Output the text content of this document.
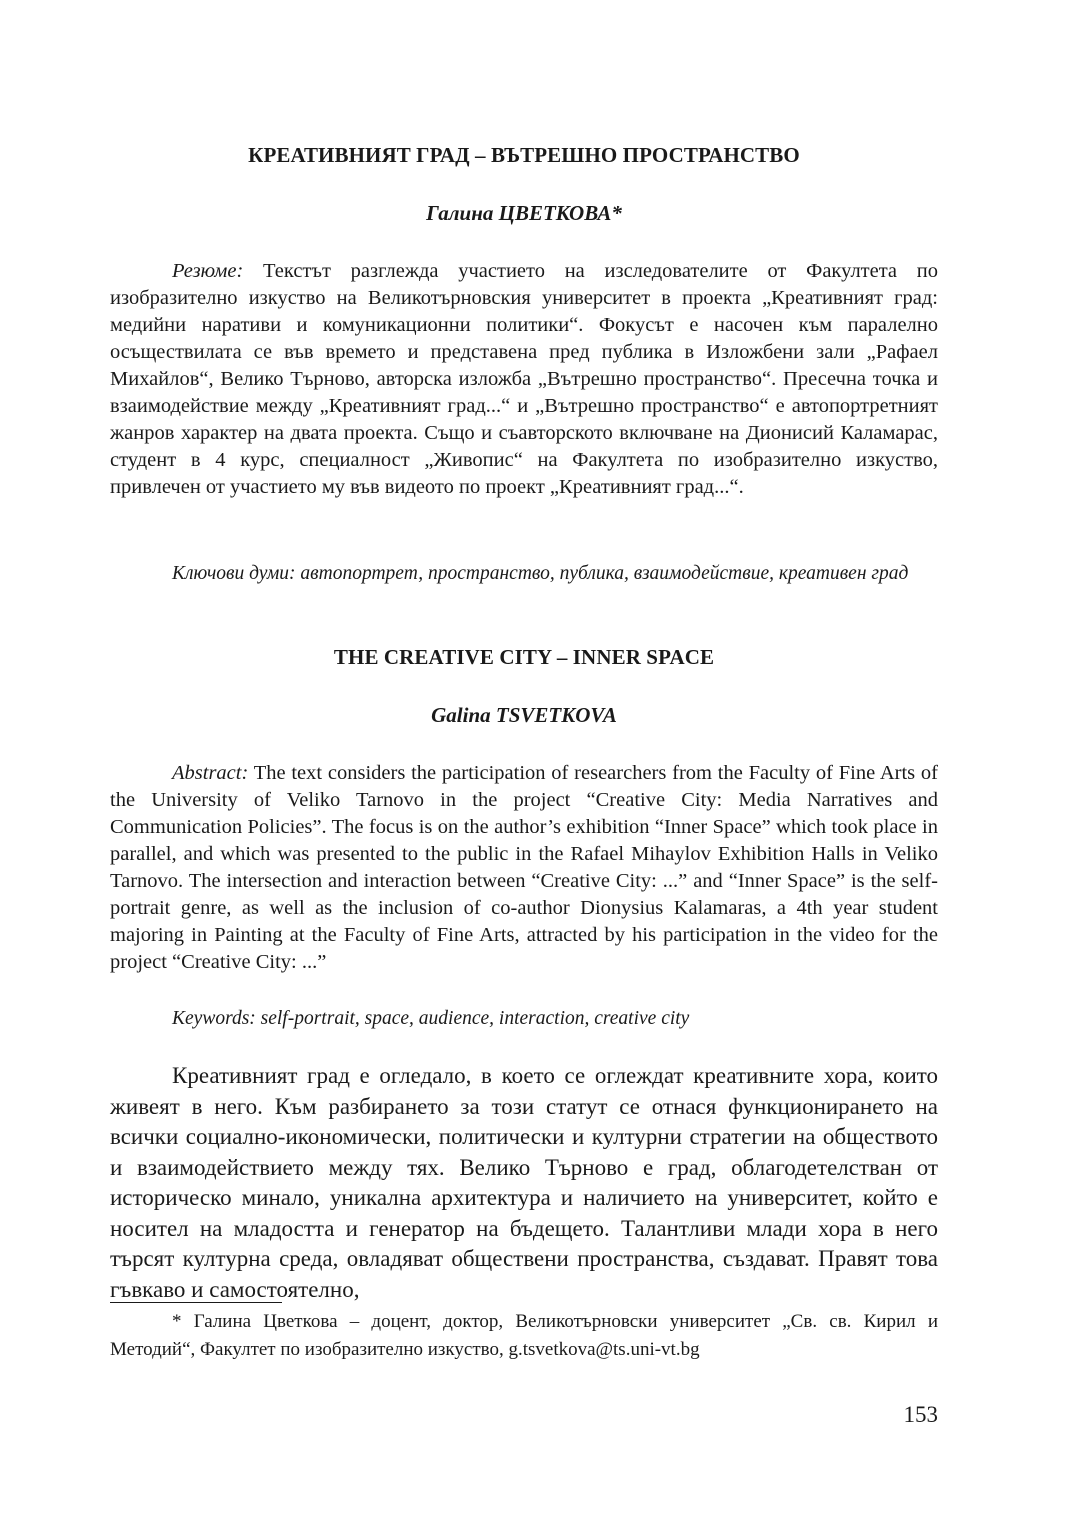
КРЕАТИВНИЯТ ГРАД – ВЪТРЕШНО ПРОСТРАНСТВО
Галина ЦВЕТКОВА*

Резюме: Текстът разглежда участието на изследователите от Факултета по изобразително изкуство на Великотърновския университет в проекта „Креативният град: медийни наративи и комуникационни политики“. Фокусът е насочен към паралелно осъществилата се във времето и представена пред публика в Изложбени зали „Рафаел Михайлов“, Велико Търново, авторска изложба „Вътрешно пространство“. Пресечна точка и взаимодействие между „Креативният град...“ и „Вътрешно пространство“ е автопортретният жанров характер на двата проекта. Също и съавторското включване на Дионисий Каламарас, студент в 4 курс, специалност „Живопис“ на Факултета по изобразително изкуство, привлечен от участието му във видеото по проект „Креативният град...“.

Ключови думи: автопортрет, пространство, публика, взаимодействие, креативен град

THE CREATIVE CITY – INNER SPACE
Galina TSVETKOVA

Abstract: The text considers the participation of researchers from the Faculty of Fine Arts of the University of Veliko Tarnovo in the project “Creative City: Media Narratives and Communication Policies”. The focus is on the author’s exhibition “Inner Space” which took place in parallel, and which was presented to the public in the Rafael Mihaylov Exhibition Halls in Veliko Tarnovo. The intersection and interaction between “Creative City: ...” and “Inner Space” is the self-portrait genre, as well as the inclusion of co-author Dionysius Kalamaras, a 4th year student majoring in Painting at the Faculty of Fine Arts, attracted by his participation in the video for the project “Creative City: ...”

Keywords: self-portrait, space, audience, interaction, creative city

Креативният град е огледало, в което се оглеждат креативните хора, които живеят в него. Към разбирането за този статут се отнася функционирането на всички социално-икономически, политически и културни стратегии на обществото и взаимодействието между тях. Велико Търново е град, облагодетелстван от историческо минало, уникална архитектура и наличието на университет, който е носител на младостта и генератор на бъдещето. Талантливи млади хора в него търсят културна среда, овладяват обществени пространства, създават. Правят това гъвкаво и самостоятелно,

* Галина Цветкова – доцент, доктор, Великотърновски университет „Св. св. Кирил и Методий“, Факултет по изобразително изкуство, g.tsvetkova@ts.uni-vt.bg

153
